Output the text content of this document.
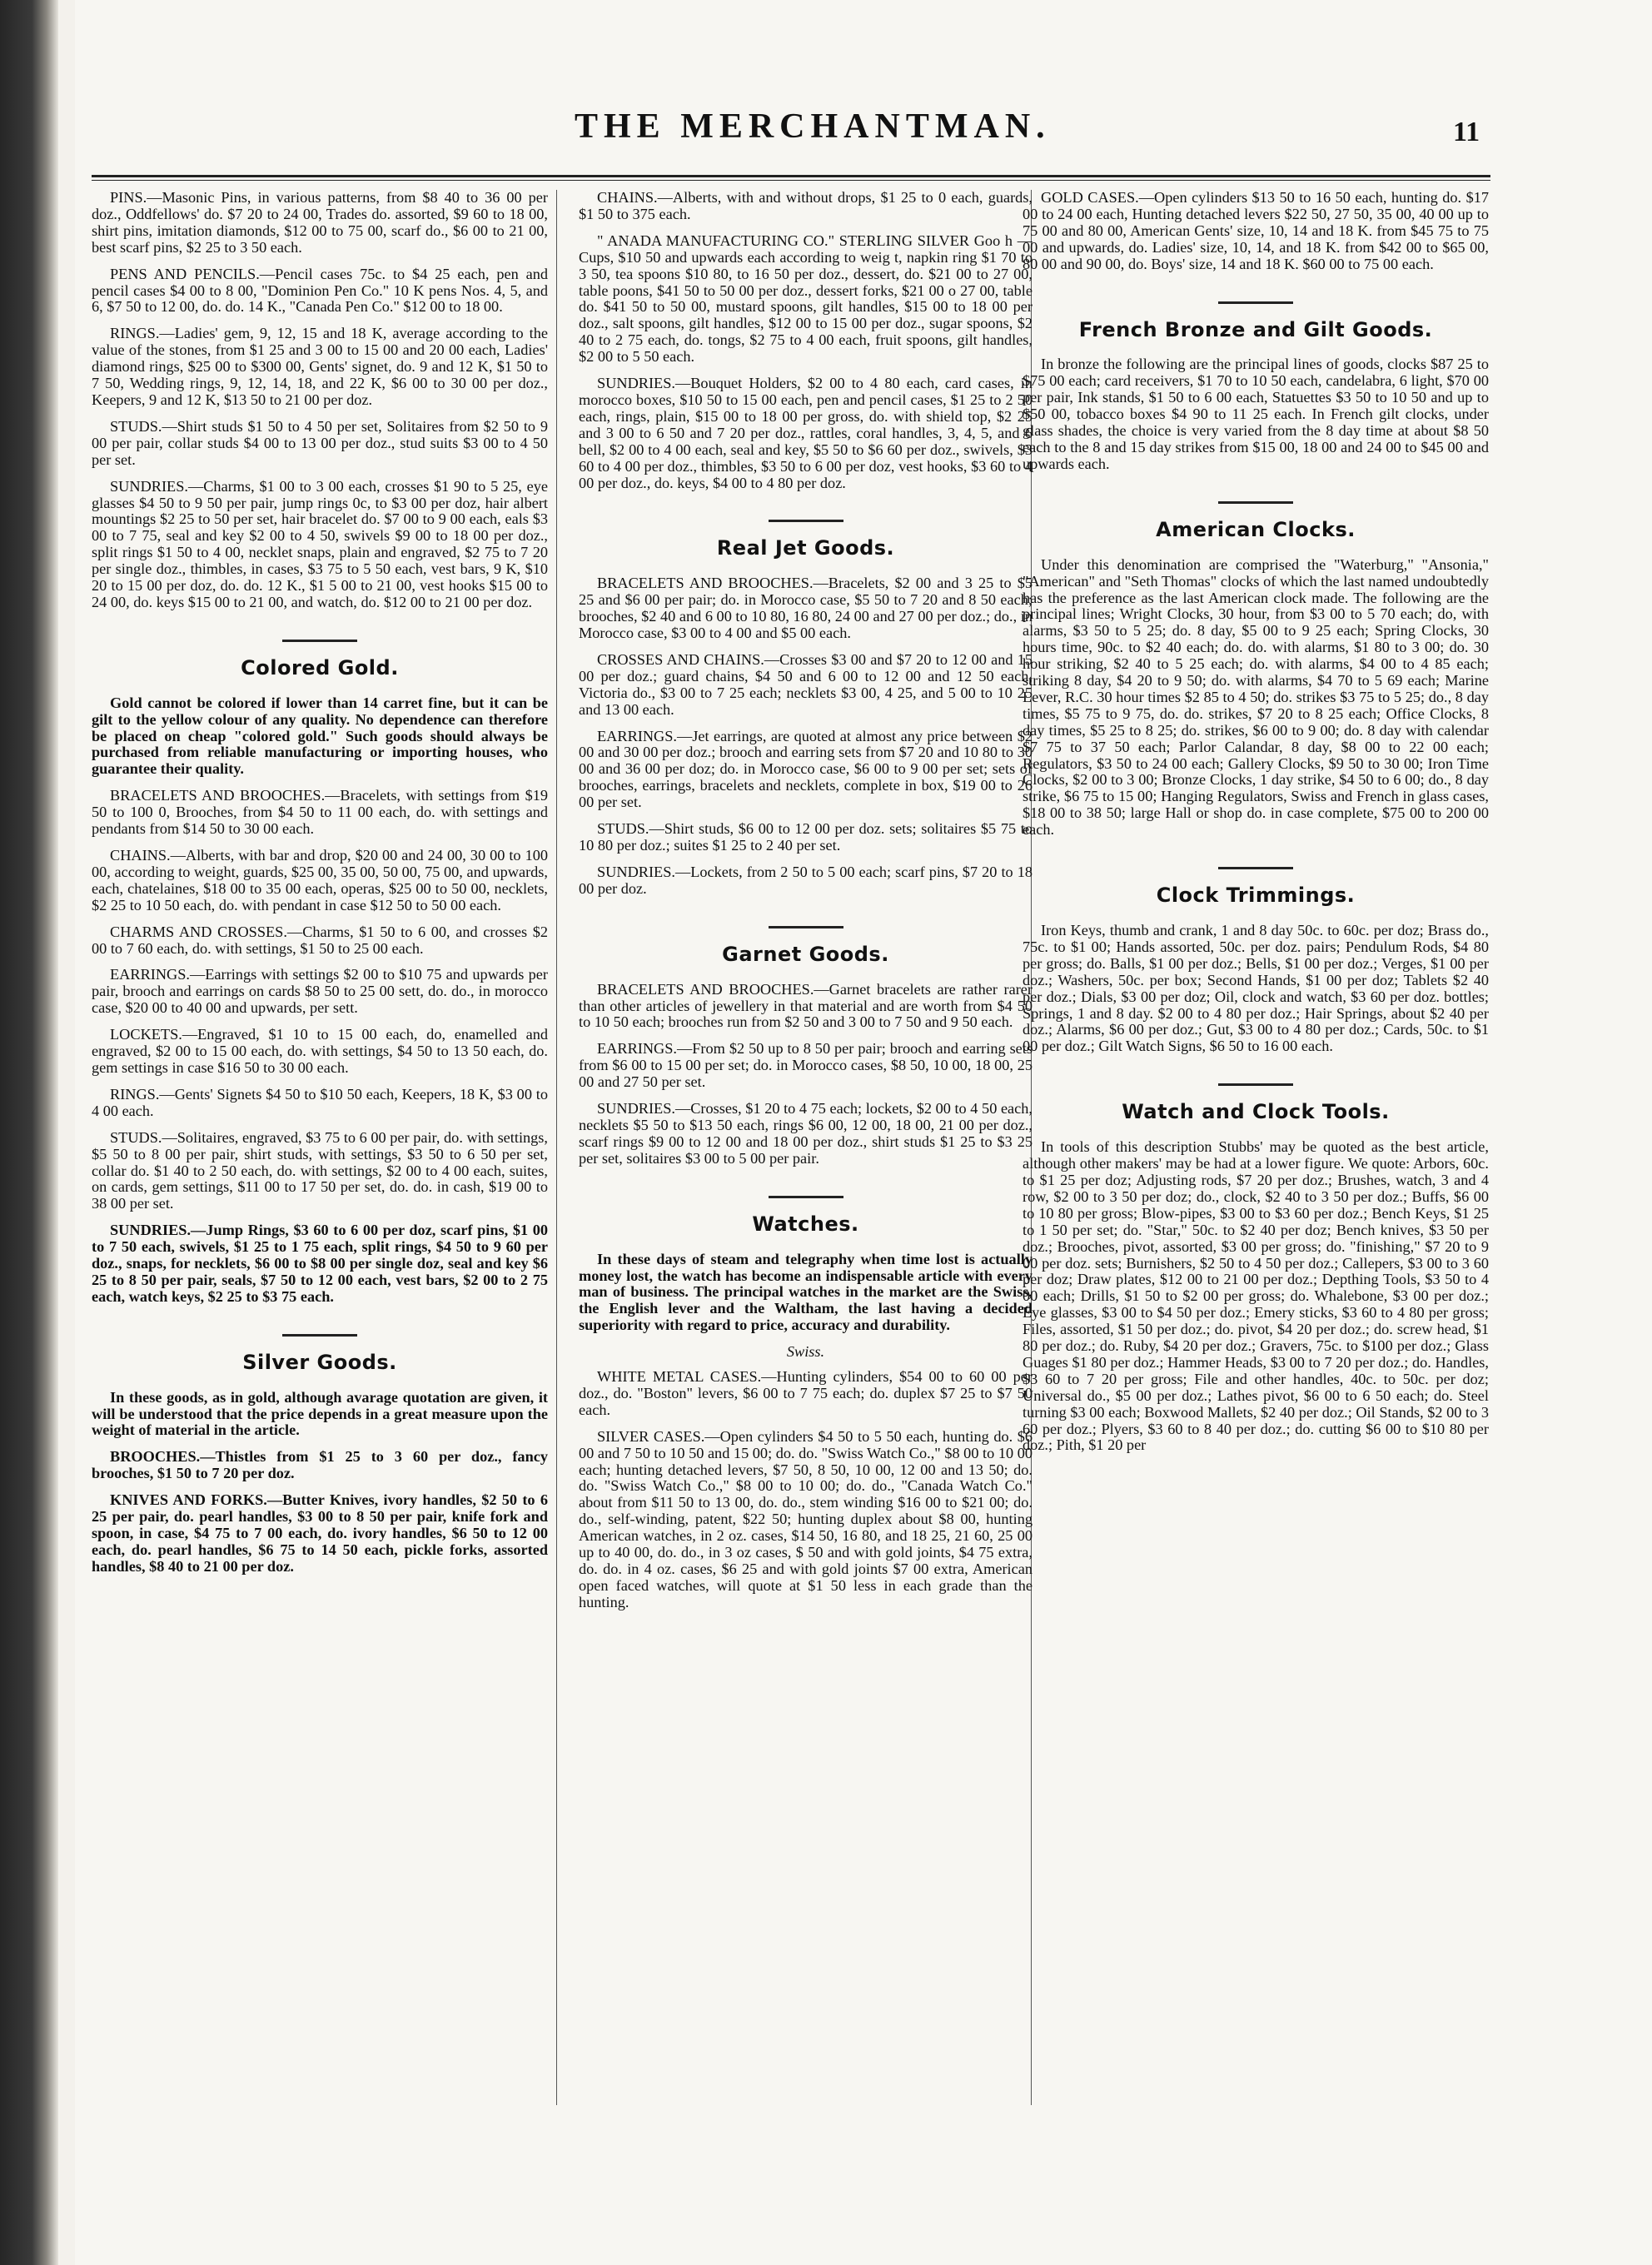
THE MERCHANTMAN.	11

PINS.—Masonic Pins, in various patterns, from $8 40 to 36 00 per doz., Oddfellows' do. $7 20 to 24 00, Trades do. assorted, $9 60 to 18 00, shirt pins, imitation diamonds, $12 00 to 75 00, scarf do., $6 00 to 21 00, best scarf pins, $2 25 to 3 50 each.

PENS AND PENCILS.—Pencil cases 75c. to $4 25 each, pen and pencil cases $4 00 to 8 00, "Dominion Pen Co." 10 K pens Nos. 4, 5, and 6, $7 50 to 12 00, do. do. 14 K., "Canada Pen Co." $12 00 to 18 00.

RINGS.—Ladies' gem, 9, 12, 15 and 18 K, average according to the value of the stones, from $1 25 and 3 00 to 15 00 and 20 00 each, Ladies' diamond rings, $25 00 to $300 00, Gents' signet, do. 9 and 12 K, $1 50 to 7 50, Wedding rings, 9, 12, 14, 18, and 22 K, $6 00 to 30 00 per doz., Keepers, 9 and 12 K, $13 50 to 21 00 per doz.

STUDS.—Shirt studs $1 50 to 4 50 per set, Solitaires from $2 50 to 9 00 per pair, collar studs $4 00 to 13 00 per doz., stud suits $3 00 to 4 50 per set.

SUNDRIES.—Charms, $1 00 to 3 00 each, crosses $1 90 to 5 25, eye glasses $4 50 to 9 50 per pair, jump rings 0c, to $3 00 per doz, hair albert mountings $2 25 to 50 per set, hair bracelet do. $7 00 to 9 00 each, eals $3 00 to 7 75, seal and key $2 00 to 4 50, swivels $9 00 to 18 00 per doz., split rings $1 50 to 4 00, necklet snaps, plain and engraved, $2 75 to 7 20 per single doz., thimbles, in cases, $3 75 to 5 50 each, vest bars, 9 K, $10 20 to 15 00 per doz, do. do. 12 K., $1 5 00 to 21 00, vest hooks $15 00 to 24 00, do. keys $15 00 to 21 00, and watch, do. $12 00 to 21 00 per doz.

Colored Gold.

Gold cannot be colored if lower than 14 carret fine, but it can be gilt to the yellow colour of any quality. No dependence can therefore be placed on cheap "colored gold." Such goods should always be purchased from reliable manufacturing or importing houses, who guarantee their quality.

BRACELETS AND BROOCHES.—Bracelets, with settings from $19 50 to 100 0, Brooches, from $4 50 to 11 00 each, do. with settings and pendants from $14 50 to 30 00 each.

CHAINS.—Alberts, with bar and drop, $20 00 and 24 00, 30 00 to 100 00, according to weight, guards, $25 00, 35 00, 50 00, 75 00, and upwards, each, chatelaines, $18 00 to 35 00 each, operas, $25 00 to 50 00, necklets, $2 25 to 10 50 each, do. with pendant in case $12 50 to 50 00 each.

CHARMS AND CROSSES.—Charms, $1 50 to 6 00, and crosses $2 00 to 7 60 each, do. with settings, $1 50 to 25 00 each.

EARRINGS.—Earrings with settings $2 00 to $10 75 and upwards per pair, brooch and earrings on cards $8 50 to 25 00 sett, do. do., in morocco case, $20 00 to 40 00 and upwards, per sett.

LOCKETS.—Engraved, $1 10 to 15 00 each, do, enamelled and engraved, $2 00 to 15 00 each, do. with settings, $4 50 to 13 50 each, do. gem settings in case $16 50 to 30 00 each.

RINGS.—Gents' Signets $4 50 to $10 50 each, Keepers, 18 K, $3 00 to 4 00 each.

STUDS.—Solitaires, engraved, $3 75 to 6 00 per pair, do. with settings, $5 50 to 8 00 per pair, shirt studs, with settings, $3 50 to 6 50 per set, collar do. $1 40 to 2 50 each, do. with settings, $2 00 to 4 00 each, suites, on cards, gem settings, $11 00 to 17 50 per set, do. do. in cash, $19 00 to 38 00 per set.

SUNDRIES.—Jump Rings, $3 60 to 6 00 per doz, scarf pins, $1 00 to 7 50 each, swivels, $1 25 to 1 75 each, split rings, $4 50 to 9 60 per doz., snaps, for necklets, $6 00 to $8 00 per single doz, seal and key $6 25 to 8 50 per pair, seals, $7 50 to 12 00 each, vest bars, $2 00 to 2 75 each, watch keys, $2 25 to $3 75 each.

Silver Goods.

In these goods, as in gold, although avarage quotation are given, it will be understood that the price depends in a great measure upon the weight of material in the article.

BROOCHES.—Thistles from $1 25 to 3 60 per doz., fancy brooches, $1 50 to 7 20 per doz.

KNIVES AND FORKS.—Butter Knives, ivory handles, $2 50 to 6 25 per pair, do. pearl handles, $3 00 to 8 50 per pair, knife fork and spoon, in case, $4 75 to 7 00 each, do. ivory handles, $6 50 to 12 00 each, do. pearl handles, $6 75 to 14 50 each, pickle forks, assorted handles, $8 40 to 21 00 per doz.

CHAINS.—Alberts, with and without drops, $1 25 to 0 each, guards, $1 50 to 375 each.

" ANADA MANUFACTURING CO." STERLING SILVER Goo h —Cups, $10 50 and upwards each according to weig t, napkin ring $1 70 to 3 50, tea spoons $10 80, to 16 50 per doz., dessert, do. $21 00 to 27 00, table poons, $41 50 to 50 00 per doz., dessert forks, $21 00 o 27 00, table do. $41 50 to 50 00, mustard spoons, gilt handles, $15 00 to 18 00 per doz., salt spoons, gilt handles, $12 00 to 15 00 per doz., sugar spoons, $2 40 to 2 75 each, do. tongs, $2 75 to 4 00 each, fruit spoons, gilt handles, $2 00 to 5 50 each.

SUNDRIES.—Bouquet Holders, $2 00 to 4 80 each, card cases, in morocco boxes, $10 50 to 15 00 each, pen and pencil cases, $1 25 to 2 50 each, rings, plain, $15 00 to 18 00 per gross, do. with shield top, $2 25 and 3 00 to 6 50 and 7 20 per doz., rattles, coral handles, 3, 4, 5, and 6 bell, $2 00 to 4 00 each, seal and key, $5 50 to $6 60 per doz., swivels, $3 60 to 4 00 per doz., thimbles, $3 50 to 6 00 per doz, vest hooks, $3 60 to 4 00 per doz., do. keys, $4 00 to 4 80 per doz.

Real Jet Goods.

BRACELETS AND BROOCHES.—Bracelets, $2 00 and 3 25 to $5 25 and $6 00 per pair; do. in Morocco case, $5 50 to 7 20 and 8 50 each; brooches, $2 40 and 6 00 to 10 80, 16 80, 24 00 and 27 00 per doz.; do., in Morocco case, $3 00 to 4 00 and $5 00 each.

CROSSES AND CHAINS.—Crosses $3 00 and $7 20 to 12 00 and 15 00 per doz.; guard chains, $4 50 and 6 00 to 12 00 and 12 50 each, Victoria do., $3 00 to 7 25 each; necklets $3 00, 4 25, and 5 00 to 10 25 and 13 00 each.

EARRINGS.—Jet earrings, are quoted at almost any price between $2 00 and 30 00 per doz.; brooch and earring sets from $7 20 and 10 80 to 30 00 and 36 00 per doz; do. in Morocco case, $6 00 to 9 00 per set; sets of brooches, earrings, bracelets and necklets, complete in box, $19 00 to 26 00 per set.

STUDS.—Shirt studs, $6 00 to 12 00 per doz. sets; solitaires $5 75 to 10 80 per doz.; suites $1 25 to 2 40 per set.

SUNDRIES.—Lockets, from 2 50 to 5 00 each; scarf pins, $7 20 to 18 00 per doz.

Garnet Goods.

BRACELETS AND BROOCHES.—Garnet bracelets are rather rarer than other articles of jewellery in that material and are worth from $4 50 to 10 50 each; brooches run from $2 50 and 3 00 to 7 50 and 9 50 each.

EARRINGS.—From $2 50 up to 8 50 per pair; brooch and earring sets from $6 00 to 15 00 per set; do. in Morocco cases, $8 50, 10 00, 18 00, 25 00 and 27 50 per set.

SUNDRIES.—Crosses, $1 20 to 4 75 each; lockets, $2 00 to 4 50 each, necklets $5 50 to $13 50 each, rings $6 00, 12 00, 18 00, 21 00 per doz., scarf rings $9 00 to 12 00 and 18 00 per doz., shirt studs $1 25 to $3 25 per set, solitaires $3 00 to 5 00 per pair.

Watches.

In these days of steam and telegraphy when time lost is actually money lost, the watch has become an indispensable article with every man of business. The principal watches in the market are the Swiss, the English lever and the Waltham, the last having a decided superiority with regard to price, accuracy and durability.

Swiss.

WHITE METAL CASES.—Hunting cylinders, $54 00 to 60 00 per doz., do. "Boston" levers, $6 00 to 7 75 each; do. duplex $7 25 to $7 50 each.

SILVER CASES.—Open cylinders $4 50 to 5 50 each, hunting do. $6 00 and 7 50 to 10 50 and 15 00; do. do. "Swiss Watch Co.," $8 00 to 10 00 each; hunting detached levers, $7 50, 8 50, 10 00, 12 00 and 13 50; do. do. "Swiss Watch Co.," $8 00 to 10 00; do. do., "Canada Watch Co." about from $11 50 to 13 00, do. do., stem winding $16 00 to $21 00; do. do., self-winding, patent, $22 50; hunting duplex about $8 00, hunting American watches, in 2 oz. cases, $14 50, 16 80, and 18 25, 21 60, 25 00 up to 40 00, do. do., in 3 oz cases, $ 50 and with gold joints, $4 75 extra, do. do. in 4 oz. cases, $6 25 and with gold joints $7 00 extra, American open faced watches, will quote at $1 50 less in each grade than the hunting.

GOLD CASES.—Open cylinders $13 50 to 16 50 each, hunting do. $17 00 to 24 00 each, Hunting detached levers $22 50, 27 50, 35 00, 40 00 up to 75 00 and 80 00, American Gents' size, 10, 14 and 18 K. from $45 75 to 75 00 and upwards, do. Ladies' size, 10, 14, and 18 K. from $42 00 to $65 00, 80 00 and 90 00, do. Boys' size, 14 and 18 K. $60 00 to 75 00 each.

French Bronze and Gilt Goods.

In bronze the following are the principal lines of goods, clocks $87 25 to $75 00 each; card receivers, $1 70 to 10 50 each, candelabra, 6 light, $70 00 per pair, Ink stands, $1 50 to 6 00 each, Statuettes $3 50 to 10 50 and up to $50 00, tobacco boxes $4 90 to 11 25 each. In French gilt clocks, under glass shades, the choice is very varied from the 8 day time at about $8 50 each to the 8 and 15 day strikes from $15 00, 18 00 and 24 00 to $45 00 and upwards each.

American Clocks.

Under this denomination are comprised the "Waterburg," "Ansonia," "American" and "Seth Thomas" clocks of which the last named undoubtedly has the preference as the last American clock made. The following are the principal lines; Wright Clocks, 30 hour, from $3 00 to 5 70 each; do, with alarms, $3 50 to 5 25; do. 8 day, $5 00 to 9 25 each; Spring Clocks, 30 hours time, 90c. to $2 40 each; do. do. with alarms, $1 80 to 3 00; do. 30 hour striking, $2 40 to 5 25 each; do. with alarms, $4 00 to 4 85 each; striking 8 day, $4 20 to 9 50; do. with alarms, $4 70 to 5 69 each; Marine Lever, R.C. 30 hour times $2 85 to 4 50; do. strikes $3 75 to 5 25; do., 8 day times, $5 75 to 9 75, do. do. strikes, $7 20 to 8 25 each; Office Clocks, 8 day times, $5 25 to 8 25; do. strikes, $6 00 to 9 00; do. 8 day with calendar $7 75 to 37 50 each; Parlor Calandar, 8 day, $8 00 to 22 00 each; Regulators, $3 50 to 24 00 each; Gallery Clocks, $9 50 to 30 00; Iron Time Clocks, $2 00 to 3 00; Bronze Clocks, 1 day strike, $4 50 to 6 00; do., 8 day strike, $6 75 to 15 00; Hanging Regulators, Swiss and French in glass cases, $18 00 to 38 50; large Hall or shop do. in case complete, $75 00 to 200 00 each.

Clock Trimmings.

Iron Keys, thumb and crank, 1 and 8 day 50c. to 60c. per doz; Brass do., 75c. to $1 00; Hands assorted, 50c. per doz. pairs; Pendulum Rods, $4 80 per gross; do. Balls, $1 00 per doz.; Bells, $1 00 per doz.; Verges, $1 00 per doz.; Washers, 50c. per box; Second Hands, $1 00 per doz; Tablets $2 40 per doz.; Dials, $3 00 per doz; Oil, clock and watch, $3 60 per doz. bottles; Springs, 1 and 8 day. $2 00 to 4 80 per doz.; Hair Springs, about $2 40 per doz.; Alarms, $6 00 per doz.; Gut, $3 00 to 4 80 per doz.; Cards, 50c. to $1 00 per doz.; Gilt Watch Signs, $6 50 to 16 00 each.

Watch and Clock Tools.

In tools of this description Stubbs' may be quoted as the best article, although other makers' may be had at a lower figure. We quote: Arbors, 60c. to $1 25 per doz; Adjusting rods, $7 20 per doz.; Brushes, watch, 3 and 4 row, $2 00 to 3 50 per doz; do., clock, $2 40 to 3 50 per doz.; Buffs, $6 00 to 10 80 per gross; Blow-pipes, $3 00 to $3 60 per doz.; Bench Keys, $1 25 to 1 50 per set; do. "Star," 50c. to $2 40 per doz; Bench knives, $3 50 per doz.; Brooches, pivot, assorted, $3 00 per gross; do. "finishing," $7 20 to 9 00 per doz. sets; Burnishers, $2 50 to 4 50 per doz.; Callepers, $3 00 to 3 60 per doz; Draw plates, $12 00 to 21 00 per doz.; Depthing Tools, $3 50 to 4 00 each; Drills, $1 50 to $2 00 per gross; do. Whalebone, $3 00 per doz.; Eye glasses, $3 00 to $4 50 per doz.; Emery sticks, $3 60 to 4 80 per gross; Files, assorted, $1 50 per doz.; do. pivot, $4 20 per doz.; do. screw head, $1 80 per doz.; do. Ruby, $4 20 per doz.; Gravers, 75c. to $100 per doz.; Glass Guages $1 80 per doz.; Hammer Heads, $3 00 to 7 20 per doz.; do. Handles, $3 60 to 7 20 per gross; File and other handles, 40c. to 50c. per doz; Universal do., $5 00 per doz.; Lathes pivot, $6 00 to 6 50 each; do. Steel turning $3 00 each; Boxwood Mallets, $2 40 per doz.; Oil Stands, $2 00 to 3 60 per doz.; Plyers, $3 60 to 8 40 per doz.; do. cutting $6 00 to $10 80 per doz.; Pith, $1 20 per
